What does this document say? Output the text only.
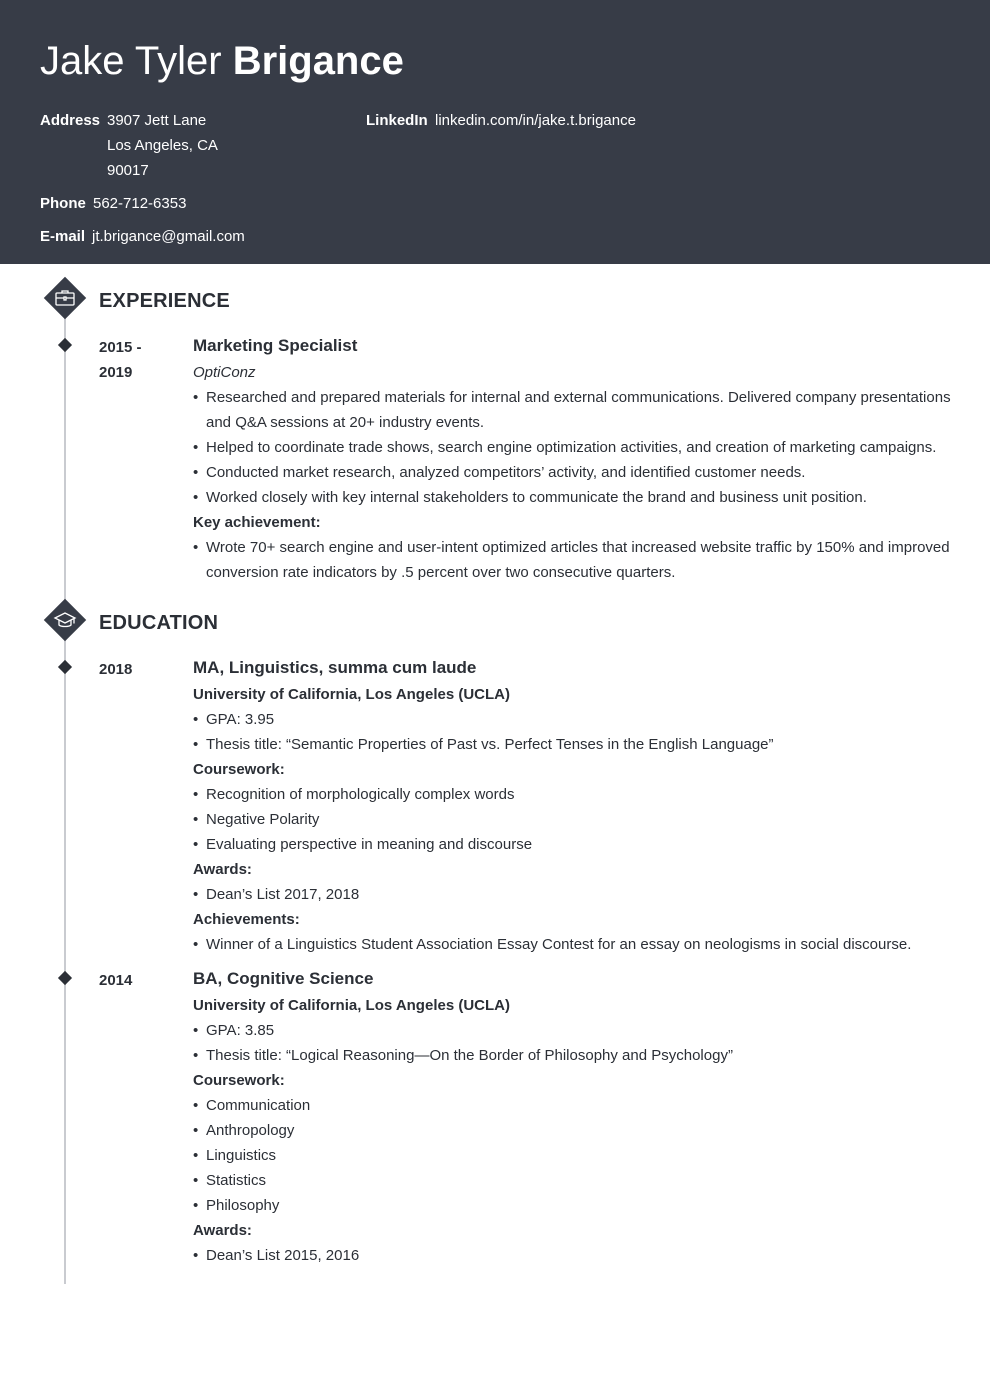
Jake Tyler Brigance
Address 3907 Jett Lane
Los Angeles, CA
90017
LinkedIn linkedin.com/in/jake.t.brigance
Phone 562-712-6353
E-mail jt.brigance@gmail.com
EXPERIENCE
2015 -
2019
Marketing Specialist
OptiConz
• Researched and prepared materials for internal and external communications. Delivered company presentations and Q&A sessions at 20+ industry events.
• Helped to coordinate trade shows, search engine optimization activities, and creation of marketing campaigns.
• Conducted market research, analyzed competitors’ activity, and identified customer needs.
• Worked closely with key internal stakeholders to communicate the brand and business unit position.
Key achievement:
• Wrote 70+ search engine and user-intent optimized articles that increased website traffic by 150% and improved conversion rate indicators by .5 percent over two consecutive quarters.
EDUCATION
2018	MA, Linguistics, summa cum laude
University of California, Los Angeles (UCLA)
• GPA: 3.95
• Thesis title: “Semantic Properties of Past vs. Perfect Tenses in the English Language”
Coursework:
• Recognition of morphologically complex words
• Negative Polarity
• Evaluating perspective in meaning and discourse
Awards:
• Dean’s List 2017, 2018
Achievements:
• Winner of a Linguistics Student Association Essay Contest for an essay on neologisms in social discourse.
2014	BA, Cognitive Science
University of California, Los Angeles (UCLA)
• GPA: 3.85
• Thesis title: “Logical Reasoning—On the Border of Philosophy and Psychology”
Coursework:
• Communication
• Anthropology
• Linguistics
• Statistics
• Philosophy
Awards:
• Dean’s List 2015, 2016
